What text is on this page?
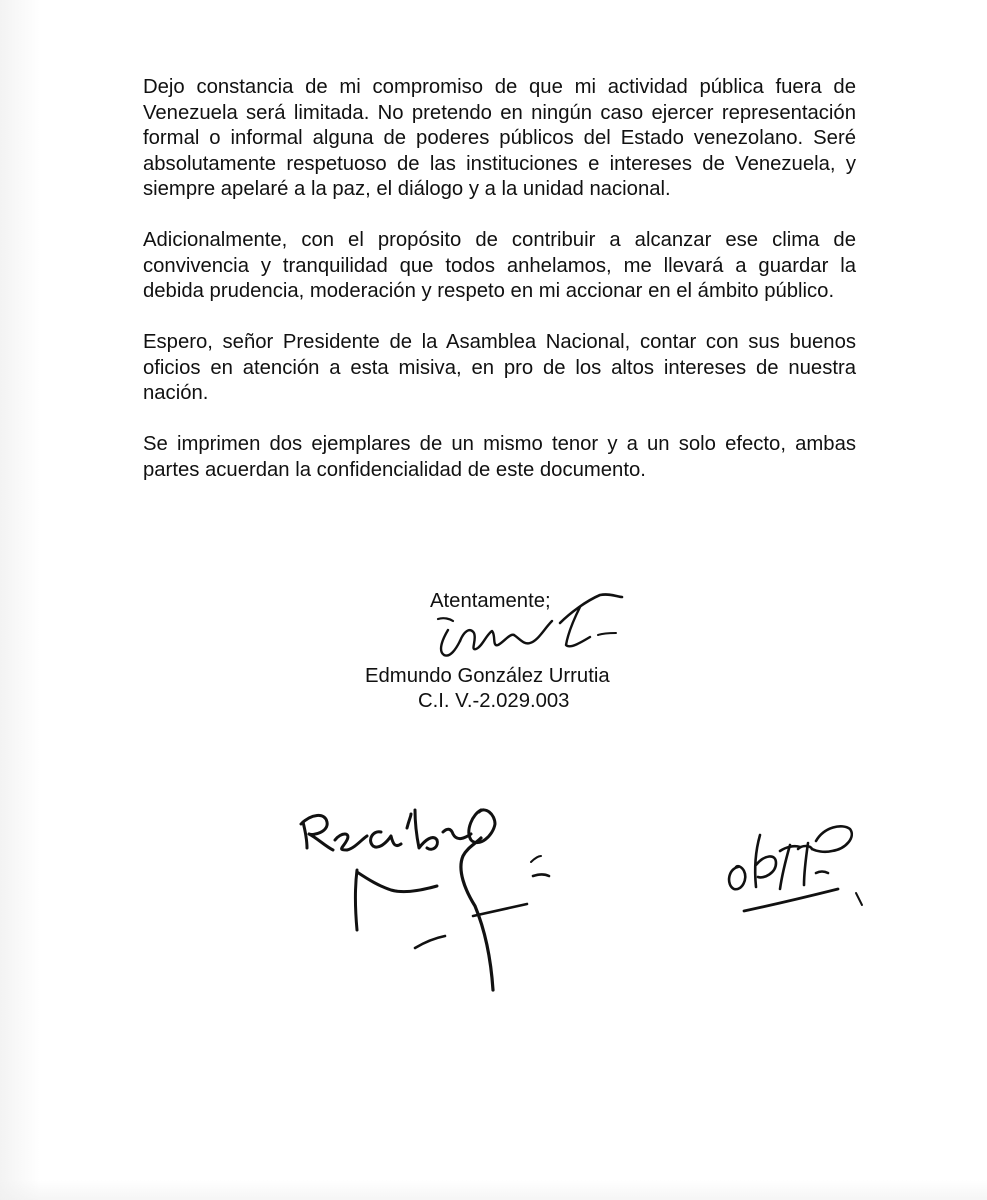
Dejo constancia de mi compromiso de que mi actividad pública fuera de Venezuela será limitada. No pretendo en ningún caso ejercer representación formal o informal alguna de poderes públicos del Estado venezolano. Seré absolutamente respetuoso de las instituciones e intereses de Venezuela, y siempre apelaré a la paz, el diálogo y a la unidad nacional.

Adicionalmente, con el propósito de contribuir a alcanzar ese clima de convivencia y tranquilidad que todos anhelamos, me llevará a guardar la debida prudencia, moderación y respeto en mi accionar en el ámbito público.

Espero, señor Presidente de la Asamblea Nacional, contar con sus buenos oficios en atención a esta misiva, en pro de los altos intereses de nuestra nación.

Se imprimen dos ejemplares de un mismo tenor y a un solo efecto, ambas partes acuerdan la confidencialidad de este documento.

Atentamente;
Edmundo González Urrutia
C.I. V.-2.029.003
